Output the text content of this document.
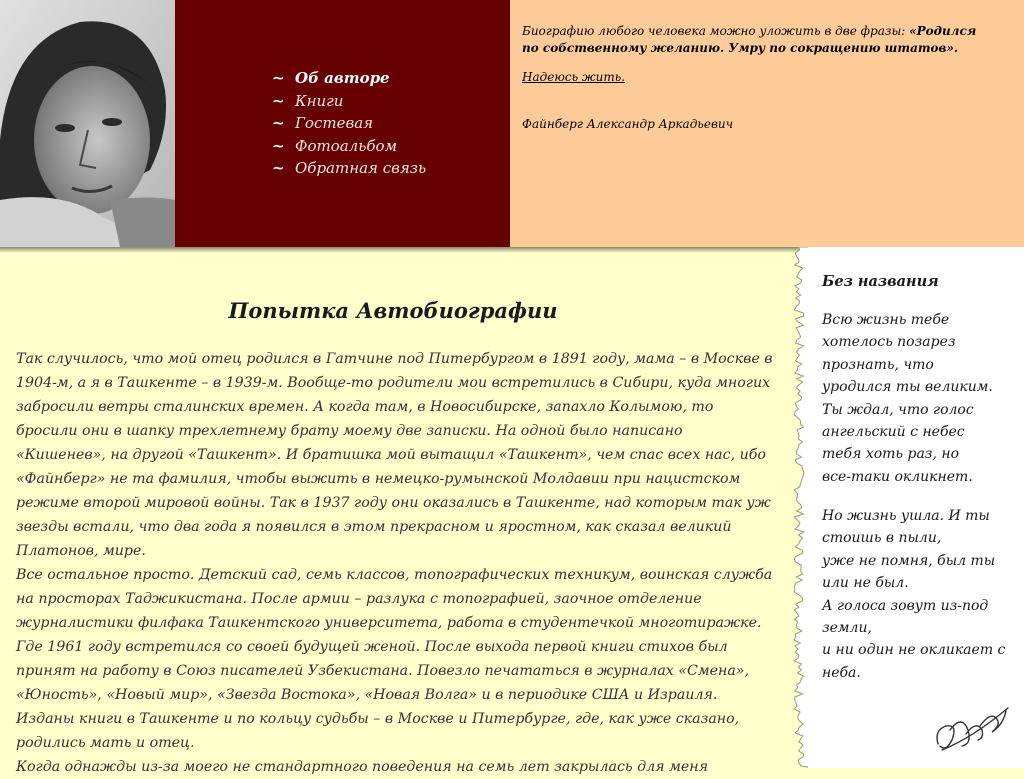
~ Об авторе
~ Книги
~ Гостевая
~ Фотоальбом
~ Обратная связь
Биографию любого человека можно уложить в две фразы: «Родился по собственному желанию. Умру по сокращению штатов».
Надеюсь жить.
Файнберг Александр Аркадьевич
Попытка Автобиографии

Так случилось, что мой отец родился в Гатчине под Питербургом в 1891 году, мама – в Москве в 1904-м, а я в Ташкенте – в 1939-м. Вообще-то родители мои встретились в Сибири, куда многих забросили ветры сталинских времен. А когда там, в Новосибирске, запахло Колымою, то бросили они в шапку трехлетнему брату моему две записки. На одной было написано «Кишенев», на другой «Ташкент». И братишка мой вытащил «Ташкент», чем спас всех нас, ибо «Файнберг» не та фамилия, чтобы выжить в немецко-румынской Молдавии при нацистском режиме второй мировой войны. Так в 1937 году они оказались в Ташкенте, над которым так уж звезды встали, что два года я появился в этом прекрасном и яростном, как сказал великий Платонов, мире.

Все остальное просто. Детский сад, семь классов, топографических техникум, воинская служба на просторах Таджикистана. После армии – разлука с топографией, заочное отделение журналистики филфака Ташкентского университета, работа в студентечкой многотиражке. Где 1961 году встретился со своей будущей женой. После выхода первой книги стихов был принят на работу в Союз писателей Узбекистана. Повезло печататься в журналах «Смена», «Юность», «Новый мир», «Звезда Востока», «Новая Волга» и в периодике США и Израиля. Изданы книги в Ташкенте и по кольцу судьбы – в Москве и Питербурге, где, как уже сказано, родились мать и отец.

Когда однажды из-за моего не стандартного поведения на семь лет закрылась для меня

Без названия
Всю жизнь тебе
хотелось позарез
прознать, что
уродился ты великим.
Ты ждал, что голос
ангельский с небес
тебя хоть раз, но
все-таки окликнет.
Но жизнь ушла. И ты
стоишь в пыли,
уже не помня, был ты
или не был.
А голоса зовут из-под
земли,
и ни один не окликает с
неба.
